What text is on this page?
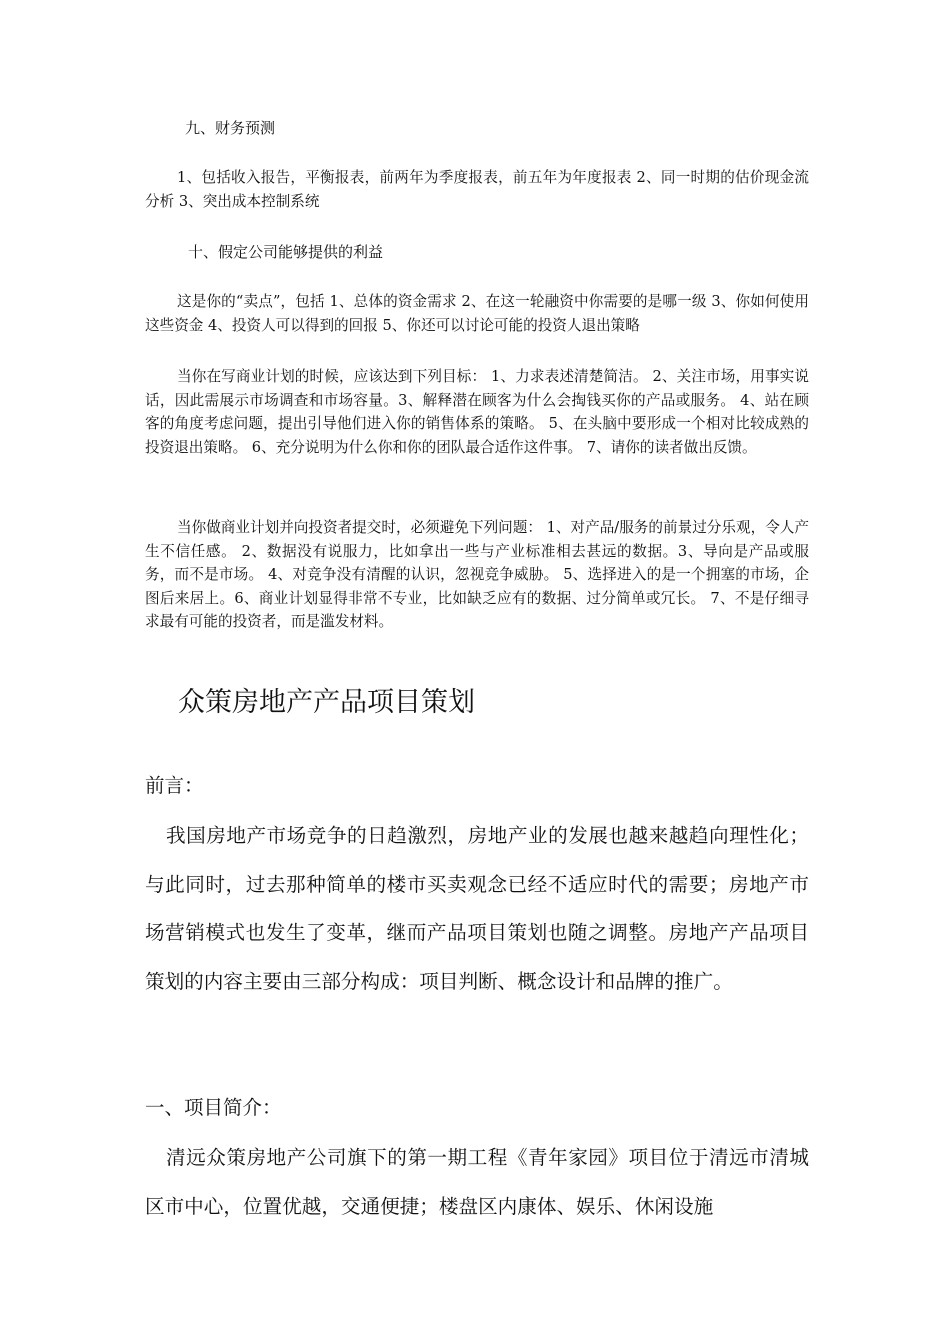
九、财务预测

1、包括收入报告，平衡报表，前两年为季度报表，前五年为年度报表 2、同一时期的估价现金流分析 3、突出成本控制系统

十、假定公司能够提供的利益

这是你的“卖点”，包括 1、总体的资金需求 2、在这一轮融资中你需要的是哪一级 3、你如何使用这些资金 4、投资人可以得到的回报 5、你还可以讨论可能的投资人退出策略

当你在写商业计划的时候，应该达到下列目标： 1、力求表述清楚简洁。 2、关注市场，用事实说话，因此需展示市场调查和市场容量。3、解释潜在顾客为什么会掏钱买你的产品或服务。 4、站在顾客的角度考虑问题，提出引导他们进入你的销售体系的策略。 5、在头脑中要形成一个相对比较成熟的投资退出策略。 6、充分说明为什么你和你的团队最合适作这件事。 7、请你的读者做出反馈。

当你做商业计划并向投资者提交时，必须避免下列问题： 1、对产品/服务的前景过分乐观，令人产生不信任感。 2、数据没有说服力，比如拿出一些与产业标准相去甚远的数据。3、导向是产品或服务，而不是市场。 4、对竞争没有清醒的认识，忽视竞争威胁。 5、选择进入的是一个拥塞的市场，企图后来居上。6、商业计划显得非常不专业，比如缺乏应有的数据、过分简单或冗长。 7、不是仔细寻求最有可能的投资者，而是滥发材料。

众策房地产产品项目策划
前言：

我国房地产市场竞争的日趋激烈，房地产业的发展也越来越趋向理性化；与此同时，过去那种简单的楼市买卖观念已经不适应时代的需要；房地产市场营销模式也发生了变革，继而产品项目策划也随之调整。房地产产品项目策划的内容主要由三部分构成：项目判断、概念设计和品牌的推广。

一、项目简介：

清远众策房地产公司旗下的第一期工程《青年家园》项目位于清远市清城区市中心，位置优越，交通便捷；楼盘区内康体、娱乐、休闲设施
